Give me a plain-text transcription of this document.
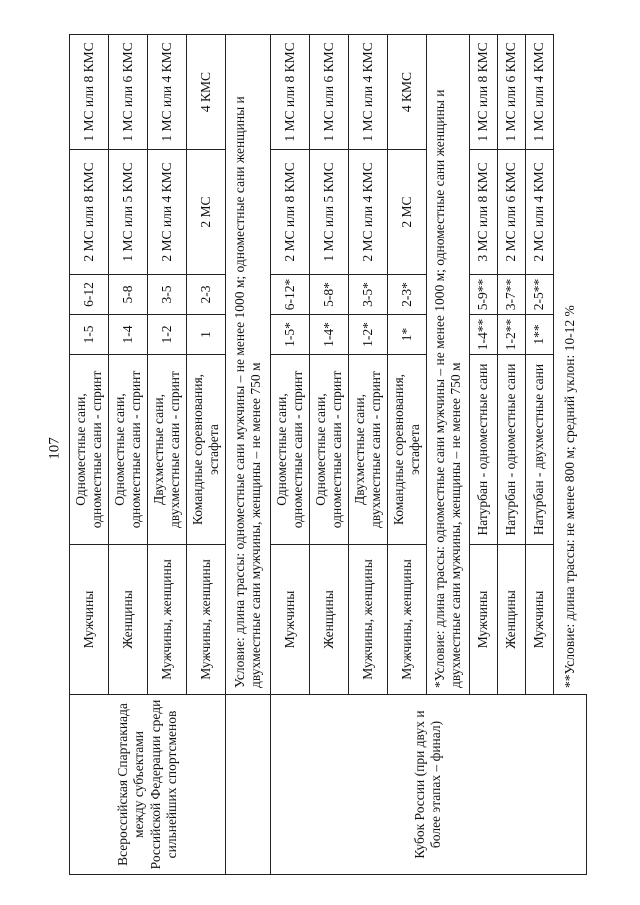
107
Всероссийская Спартакиада между субъектами Российской Федерации среди сильнейших спортсменов	Мужчины	Одноместные сани, одноместные сани - спринт	1-5	6-12	2 МС или 8 КМС	1 МС или 8 КМС
	Женщины	Одноместные сани, одноместные сани - спринт	1-4	5-8	1 МС или 5 КМС	1 МС или 6 КМС
	Мужчины, женщины	Двухместные сани, двухместные сани - спринт	1-2	3-5	2 МС или 4 КМС	1 МС или 4 КМС
	Мужчины, женщины	Командные соревнования, эстафета	1	2-3	2 МС	4 КМС
	Условие: длина трассы: одноместные сани мужчины – не менее 1000 м; одноместные сани женщины и двухместные сани мужчины, женщины – не менее 750 м					
Кубок России (при двух и более этапах – финал)	Мужчины	Одноместные сани, одноместные сани - спринт	1-5*	6-12*	2 МС или 8 КМС	1 МС или 8 КМС
	Женщины	Одноместные сани, одноместные сани - спринт	1-4*	5-8*	1 МС или 5 КМС	1 МС или 6 КМС
	Мужчины, женщины	Двухместные сани, двухместные сани - спринт	1-2*	3-5*	2 МС или 4 КМС	1 МС или 4 КМС
	Мужчины, женщины	Командные соревнования, эстафета	1*	2-3*	2 МС	4 КМС
	*Условие: длина трассы: одноместные сани мужчины – не менее 1000 м; одноместные сани женщины и двухместные сани мужчины, женщины – не менее 750 м					
	Мужчины	Натурбан - одноместные сани	1-4**	5-9**	3 МС или 8 КМС	1 МС или 8 КМС
	Женщины	Натурбан - одноместные сани	1-2**	3-7**	2 МС или 6 КМС	1 МС или 6 КМС
	Мужчины	Натурбан - двухместные сани	1**	2-5**	2 МС или 4 КМС	1 МС или 4 КМС
	**Условие: длина трассы: не менее 800 м; средний уклон: 10-12 %					
